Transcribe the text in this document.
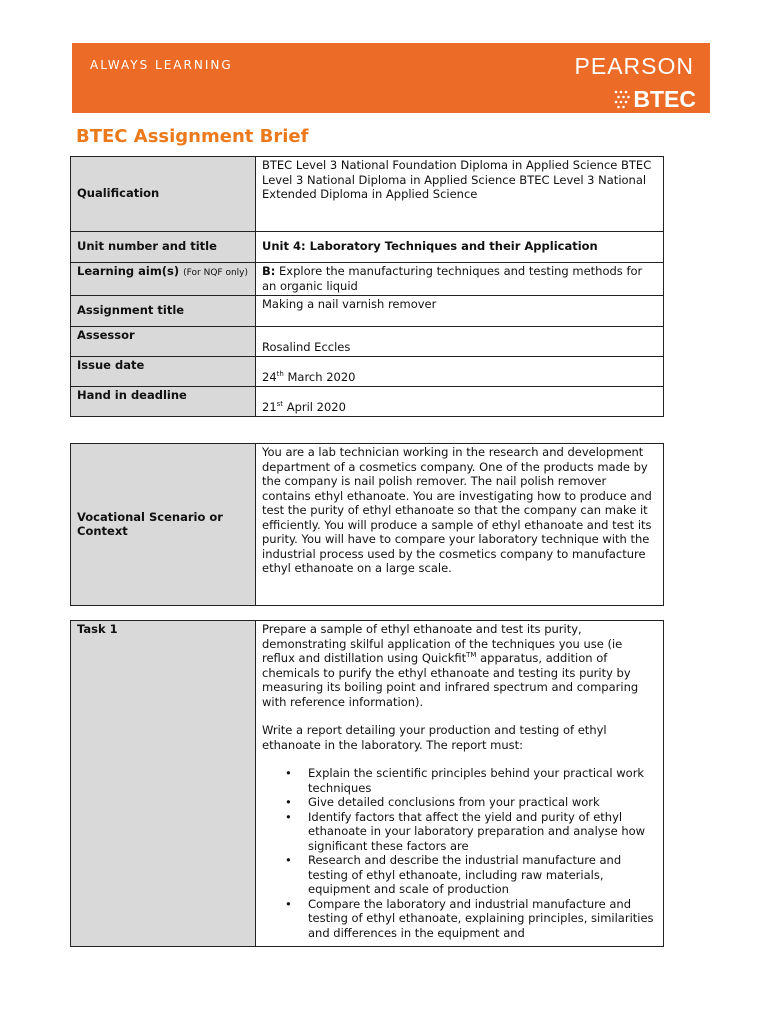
ALWAYS LEARNING	PEARSON
BTEC
BTEC Assignment Brief
Qualification	BTEC Level 3 National Foundation Diploma in Applied Science BTEC Level 3 National Diploma in Applied Science BTEC Level 3 National Extended Diploma in Applied Science
Unit number and title	Unit 4: Laboratory Techniques and their Application
Learning aim(s) (For NQF only)	B: Explore the manufacturing techniques and testing methods for an organic liquid
Assignment title	Making a nail varnish remover
Assessor	Rosalind Eccles
Issue date	24th March 2020
Hand in deadline	21st April 2020
Vocational Scenario or Context	You are a lab technician working in the research and development department of a cosmetics company. One of the products made by the company is nail polish remover. The nail polish remover contains ethyl ethanoate. You are investigating how to produce and test the purity of ethyl ethanoate so that the company can make it efficiently. You will produce a sample of ethyl ethanoate and test its purity. You will have to compare your laboratory technique with the industrial process used by the cosmetics company to manufacture ethyl ethanoate on a large scale.
Task 1	Prepare a sample of ethyl ethanoate and test its purity, demonstrating skilful application of the techniques you use (ie reflux and distillation using Quickfit™ apparatus, addition of chemicals to purify the ethyl ethanoate and testing its purity by measuring its boiling point and infrared spectrum and comparing with reference information).

Write a report detailing your production and testing of ethyl ethanoate in the laboratory. The report must:

• Explain the scientific principles behind your practical work techniques
• Give detailed conclusions from your practical work
• Identify factors that affect the yield and purity of ethyl ethanoate in your laboratory preparation and analyse how significant these factors are
• Research and describe the industrial manufacture and testing of ethyl ethanoate, including raw materials, equipment and scale of production
• Compare the laboratory and industrial manufacture and testing of ethyl ethanoate, explaining principles, similarities and differences in the equipment and
